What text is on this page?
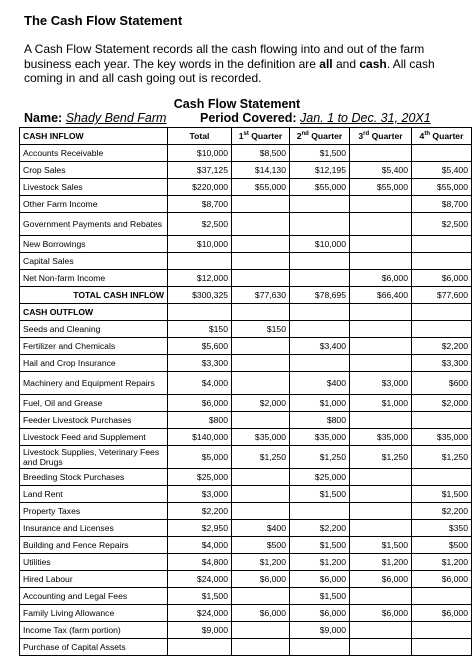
The Cash Flow Statement
A Cash Flow Statement records all the cash flowing into and out of the farm business each year. The key words in the definition are all and cash. All cash coming in and all cash going out is recorded.
Cash Flow Statement
Name: Shady Bend Farm	Period Covered: Jan. 1 to Dec. 31, 20X1
CASH INFLOW	Total	1st Quarter	2nd Quarter	3rd Quarter	4th Quarter
Accounts Receivable	$10,000	$8,500	$1,500		
Crop Sales	$37,125	$14,130	$12,195	$5,400	$5,400
Livestock Sales	$220,000	$55,000	$55,000	$55,000	$55,000
Other Farm Income	$8,700				$8,700
Government Payments and Rebates	$2,500				$2,500
New Borrowings	$10,000		$10,000		
Capital Sales					
Net Non-farm Income	$12,000			$6,000	$6,000
TOTAL CASH INFLOW	$300,325	$77,630	$78,695	$66,400	$77,600
CASH OUTFLOW					
Seeds and Cleaning	$150	$150			
Fertilizer and Chemicals	$5,600		$3,400		$2,200
Hail and Crop Insurance	$3,300				$3,300
Machinery and Equipment Repairs	$4,000		$400	$3,000	$600
Fuel, Oil and Grease	$6,000	$2,000	$1,000	$1,000	$2,000
Feeder Livestock Purchases	$800		$800		
Livestock Feed and Supplement	$140,000	$35,000	$35,000	$35,000	$35,000
Livestock Supplies, Veterinary Fees and Drugs	$5,000	$1,250	$1,250	$1,250	$1,250
Breeding Stock Purchases	$25,000		$25,000		
Land Rent	$3,000		$1,500		$1,500
Property Taxes	$2,200				$2,200
Insurance and Licenses	$2,950	$400	$2,200		$350
Building and Fence Repairs	$4,000	$500	$1,500	$1,500	$500
Utilities	$4,800	$1,200	$1,200	$1,200	$1,200
Hired Labour	$24,000	$6,000	$6,000	$6,000	$6,000
Accounting and Legal Fees	$1,500		$1,500		
Family Living Allowance	$24,000	$6,000	$6,000	$6,000	$6,000
Income Tax (farm portion)	$9,000		$9,000		
Purchase of Capital Assets					
